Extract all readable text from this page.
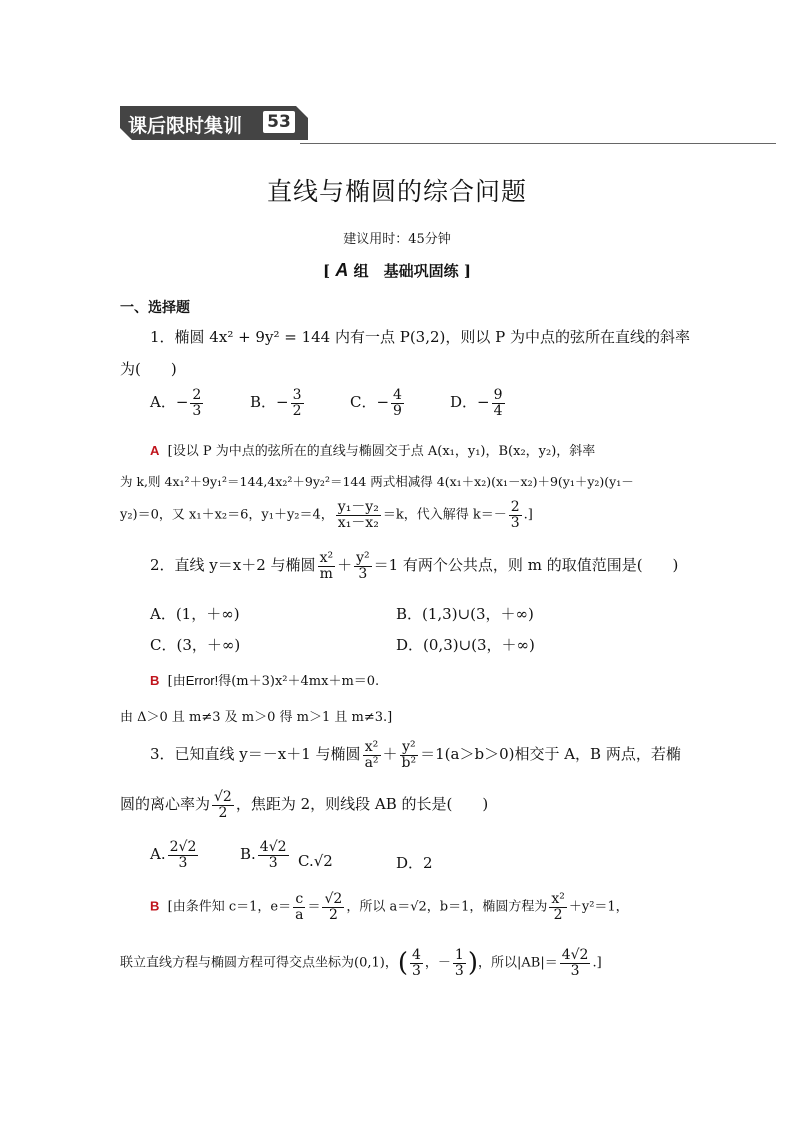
课后限时集训 53
直线与椭圆的综合问题
建议用时：45分钟
[ A 组　基础巩固练 ]
一、选择题
1．椭圆 4x² + 9y² = 144 内有一点 P(3,2)，则以 P 为中点的弦所在直线的斜率
为(　　)
A．− $\frac{2}{3}$	B．− $\frac{3}{2}$	C．− $\frac{4}{9}$	D．− $\frac{9}{4}$
A [设以 P 为中点的弦所在的直线与椭圆交于点 A(x₁，y₁)，B(x₂，y₂)，斜率
为 k,则 4x₁²＋9y₁²＝144,4x₂²＋9y₂²＝144 两式相减得 4(x₁＋x₂)(x₁－x₂)＋9(y₁＋y₂)(y₁－
y₂)＝0，又 x₁＋x₂＝6，y₁＋y₂＝4， $\frac{\text{y₁－y₂}}{\text{x₁－x₂}} =k$，代入解得 $k=- \frac{2}{3}$ .]
2．直线 y＝x＋2 与椭圆 $\frac{\text{x²}}{m} + \frac{\text{y²}}{3} =1$ 有两个公共点，则 m 的取值范围是(　　)
A．(1，＋∞)	B．(1,3)∪(3，＋∞)
C．(3，＋∞)	D．(0,3)∪(3，＋∞)
B [由Error!得(m＋3)x²＋4mx＋m＝0.
由 Δ＞0 且 m≠3 及 m＞0 得 m＞1 且 m≠3.]
3．已知直线 y＝－x＋1 与椭圆 $\frac{\text{x²}}{\text{a²}} + \frac{\text{y²}}{\text{b²}} =1(a>b>0)$相交于 A，B 两点，若椭
圆的离心率为 $\frac{√2}{2}$ ，焦距为 2，则线段 AB 的长是(　　)
A. $\frac{2√2}{3}$	B. $\frac{4√2}{3} C.√2$	D．2
B [由条件知 c＝1，$e= \frac{c}{a} = \frac{√2}{2}$ ，所以 a＝√2，b＝1，椭圆方程为 $\frac{\text{x²}}{2} +y^2=1$，
联立直线方程与椭圆方程可得交点坐标为(0,1)，( $\frac{4}{3}$ ，－ $\frac{1}{3}$ )，所以$|AB|= \frac{4√2}{3}$ .]
